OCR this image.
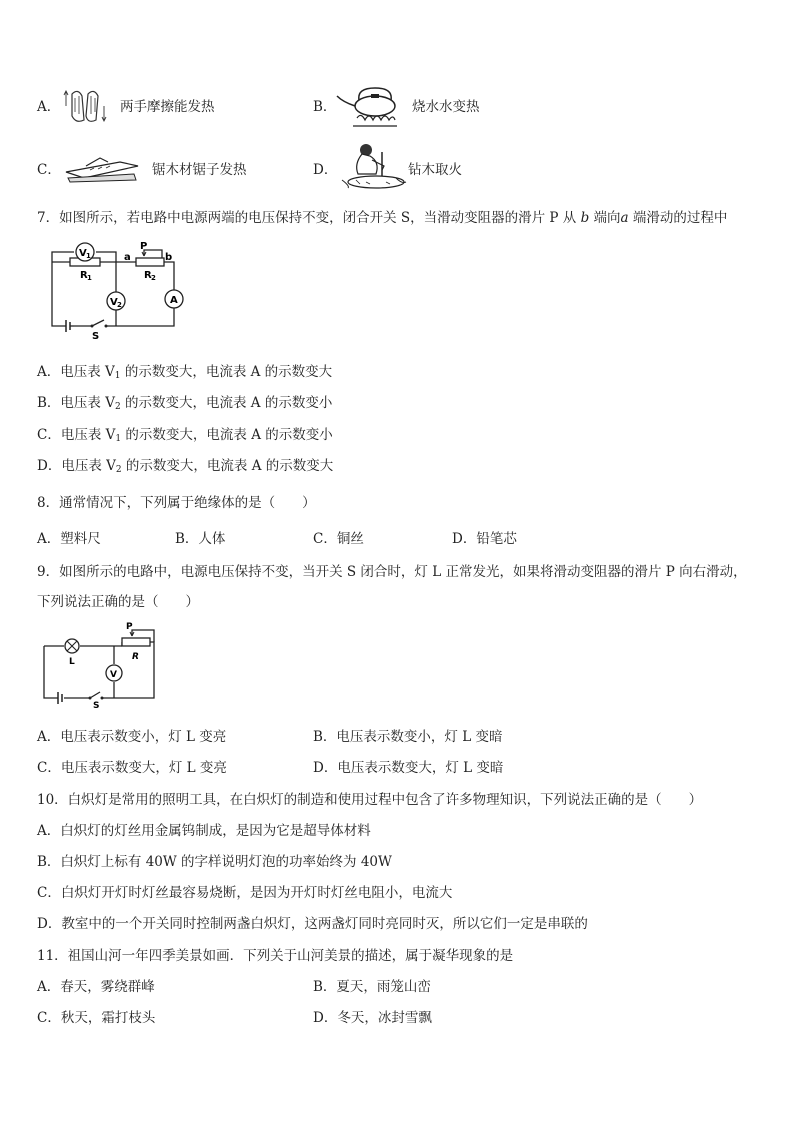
A．	两手摩擦能发热	B．	烧水水变热
C．	锯木材锯子发热	D．	钻木取火
7．如图所示，若电路中电源两端的电压保持不变，闭合开关 S，当滑动变阻器的滑片 P 从 b 端向a 端滑动的过程中
V 1
V 2	A
R 1	R 2
a	b
P
S
A．电压表 $V_1$ 的示数变大，电流表 A 的示数变大
B．电压表 $V_2$ 的示数变大，电流表 A 的示数变小
C．电压表 $V_1$ 的示数变大，电流表 A 的示数变小
D．电压表 $V_2$ 的示数变大，电流表 A 的示数变大
8．通常情况下，下列属于绝缘体的是（　　）
A．塑料尺	B．人体	C．铜丝	D．铅笔芯
9．如图所示的电路中，电源电压保持不变，当开关 S 闭合时，灯 L 正常发光，如果将滑动变阻器的滑片 P 向右滑动，
下列说法正确的是（　　）
V
L
P
R
S
A．电压表示数变小，灯 L 变亮	B．电压表示数变小，灯 L 变暗
C．电压表示数变大，灯 L 变亮	D．电压表示数变大，灯 L 变暗
10．白炽灯是常用的照明工具，在白炽灯的制造和使用过程中包含了许多物理知识，下列说法正确的是（　　）
A．白炽灯的灯丝用金属钨制成，是因为它是超导体材料
B．白炽灯上标有 40W 的字样说明灯泡的功率始终为 40W
C．白炽灯开灯时灯丝最容易烧断，是因为开灯时灯丝电阻小，电流大
D．教室中的一个开关同时控制两盏白炽灯，这两盏灯同时亮同时灭，所以它们一定是串联的
11．祖国山河一年四季美景如画．下列关于山河美景的描述，属于凝华现象的是
A．春天，雾绕群峰	B．夏天，雨笼山峦
C．秋天，霜打枝头	D．冬天，冰封雪飘
